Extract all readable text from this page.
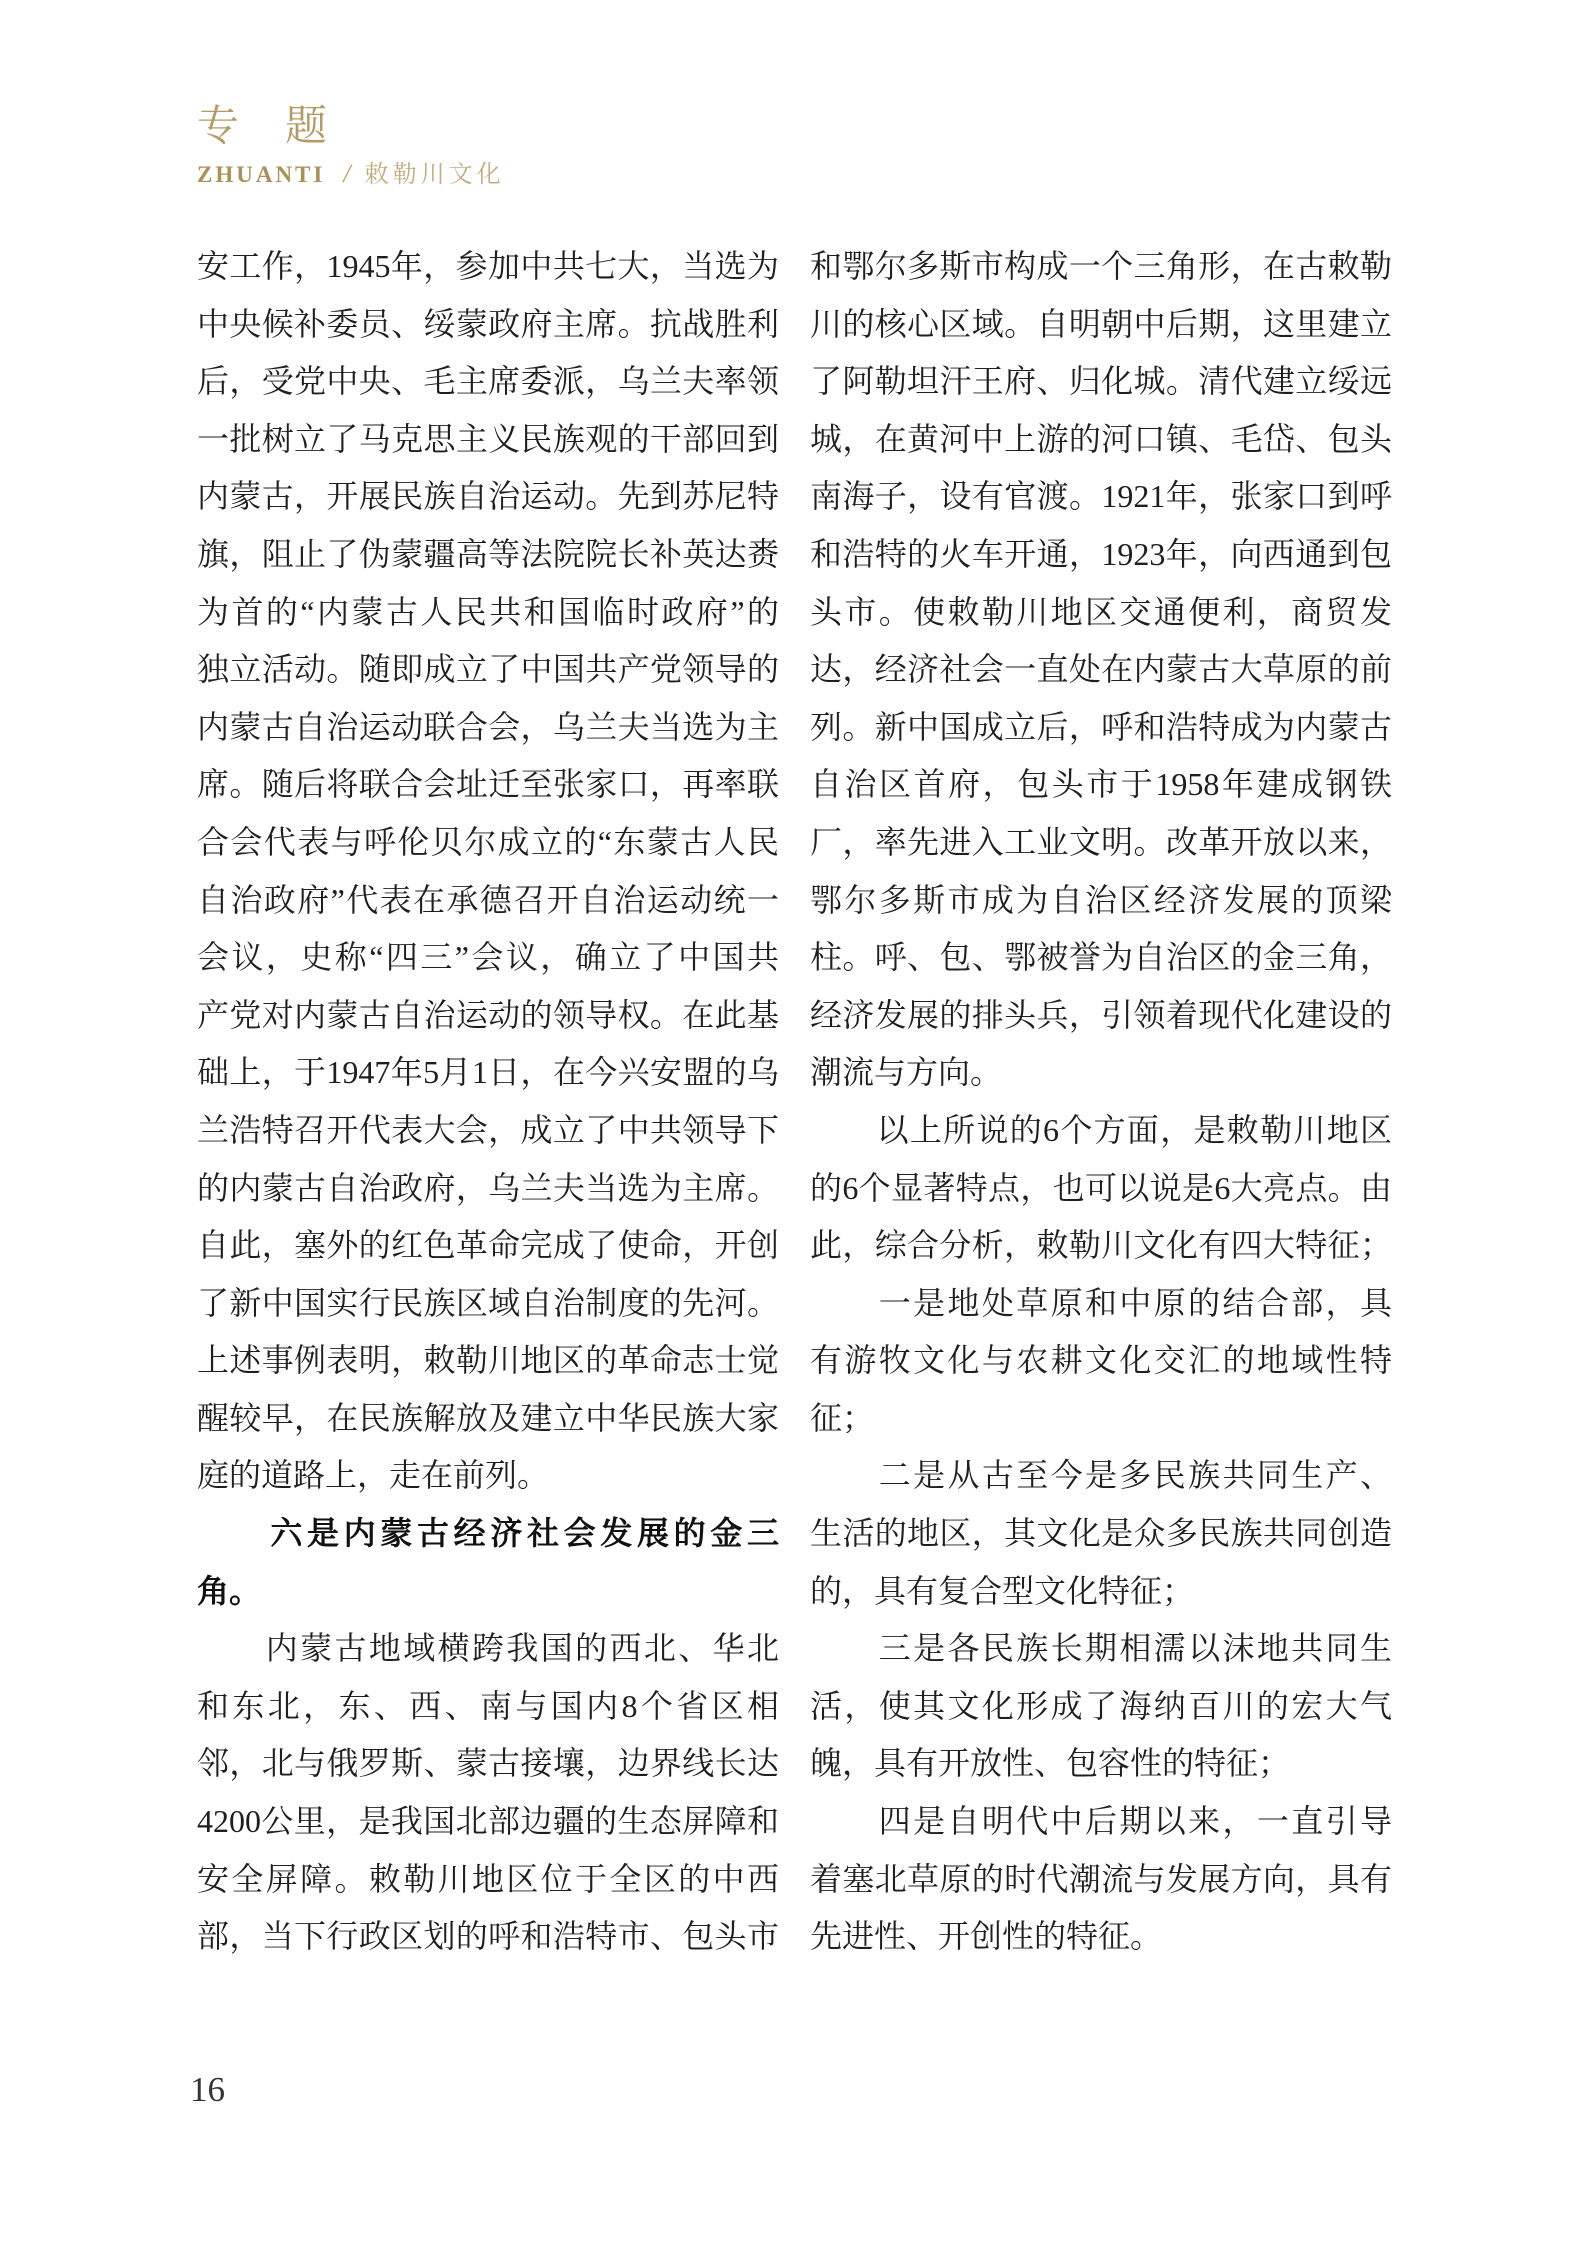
专　题
ZHUANTI / 敕勒川文化
安工作，1945年，参加中共七大，当选为
中央候补委员、绥蒙政府主席。抗战胜利
后，受党中央、毛主席委派，乌兰夫率领
一批树立了马克思主义民族观的干部回到
内蒙古，开展民族自治运动。先到苏尼特
旗，阻止了伪蒙疆高等法院院长补英达赉
为首的“内蒙古人民共和国临时政府”的
独立活动。随即成立了中国共产党领导的
内蒙古自治运动联合会，乌兰夫当选为主
席。随后将联合会址迁至张家口，再率联
合会代表与呼伦贝尔成立的“东蒙古人民
自治政府”代表在承德召开自治运动统一
会议，史称“四三”会议，确立了中国共
产党对内蒙古自治运动的领导权。在此基
础上，于1947年5月1日，在今兴安盟的乌
兰浩特召开代表大会，成立了中共领导下
的内蒙古自治政府，乌兰夫当选为主席。
自此，塞外的红色革命完成了使命，开创
了新中国实行民族区域自治制度的先河。
上述事例表明，敕勒川地区的革命志士觉
醒较早，在民族解放及建立中华民族大家
庭的道路上，走在前列。
　　六是内蒙古经济社会发展的金三
角。
　　内蒙古地域横跨我国的西北、华北
和东北，东、西、南与国内8个省区相
邻，北与俄罗斯、蒙古接壤，边界线长达
4200公里，是我国北部边疆的生态屏障和
安全屏障。敕勒川地区位于全区的中西
部，当下行政区划的呼和浩特市、包头市
和鄂尔多斯市构成一个三角形，在古敕勒
川的核心区域。自明朝中后期，这里建立
了阿勒坦汗王府、归化城。清代建立绥远
城，在黄河中上游的河口镇、毛岱、包头
南海子，设有官渡。1921年，张家口到呼
和浩特的火车开通，1923年，向西通到包
头市。使敕勒川地区交通便利，商贸发
达，经济社会一直处在内蒙古大草原的前
列。新中国成立后，呼和浩特成为内蒙古
自治区首府，包头市于1958年建成钢铁
厂，率先进入工业文明。改革开放以来，
鄂尔多斯市成为自治区经济发展的顶梁
柱。呼、包、鄂被誉为自治区的金三角，
经济发展的排头兵，引领着现代化建设的
潮流与方向。
　　以上所说的6个方面，是敕勒川地区
的6个显著特点，也可以说是6大亮点。由
此，综合分析，敕勒川文化有四大特征；
　　一是地处草原和中原的结合部，具
有游牧文化与农耕文化交汇的地域性特
征；
　　二是从古至今是多民族共同生产、
生活的地区，其文化是众多民族共同创造
的，具有复合型文化特征；
　　三是各民族长期相濡以沫地共同生
活，使其文化形成了海纳百川的宏大气
魄，具有开放性、包容性的特征；
　　四是自明代中后期以来，一直引导
着塞北草原的时代潮流与发展方向，具有
先进性、开创性的特征。
16
